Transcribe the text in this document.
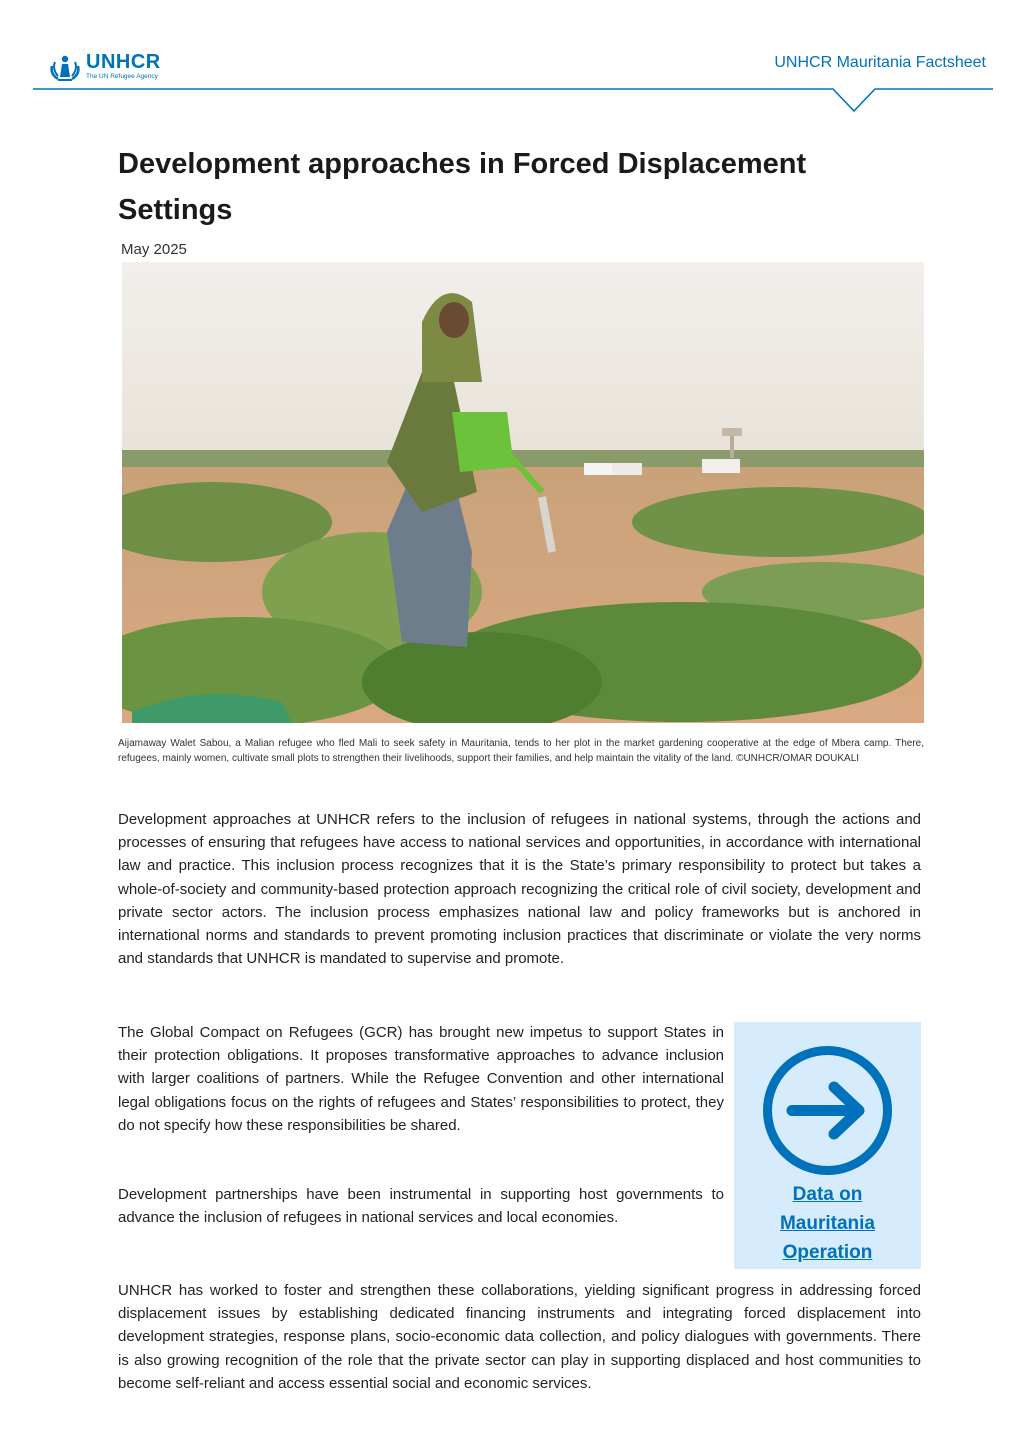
UNHCR
The UN Refugee Agency
UNHCR Mauritania Factsheet
Development approaches in Forced Displacement Settings
May 2025
Aijamaway Walet Sabou, a Malian refugee who fled Mali to seek safety in Mauritania, tends to her plot in the market gardening cooperative at the edge of Mbera camp. There, refugees, mainly women, cultivate small plots to strengthen their livelihoods, support their families, and help maintain the vitality of the land. ©UNHCR/OMAR DOUKALI

Development approaches at UNHCR refers to the inclusion of refugees in national systems, through the actions and processes of ensuring that refugees have access to national services and opportunities, in accordance with international law and practice. This inclusion process recognizes that it is the State’s primary responsibility to protect but takes a whole-of-society and community-based protection approach recognizing the critical role of civil society, development and private sector actors. The inclusion process emphasizes national law and policy frameworks but is anchored in international norms and standards to prevent promoting inclusion practices that discriminate or violate the very norms and standards that UNHCR is mandated to supervise and promote.

The Global Compact on Refugees (GCR) has brought new impetus to support States in their protection obligations. It proposes transformative approaches to advance inclusion with larger coalitions of partners. While the Refugee Convention and other international legal obligations focus on the rights of refugees and States’ responsibilities to protect, they do not specify how these responsibilities be shared.

Development partnerships have been instrumental in supporting host governments to advance the inclusion of refugees in national services and local economies.

Data on
Mauritania
Operation

UNHCR has worked to foster and strengthen these collaborations, yielding significant progress in addressing forced displacement issues by establishing dedicated financing instruments and integrating forced displacement into development strategies, response plans, socio-economic data collection, and policy dialogues with governments. There is also growing recognition of the role that the private sector can play in supporting displaced and host communities to become self-reliant and access essential social and economic services.
